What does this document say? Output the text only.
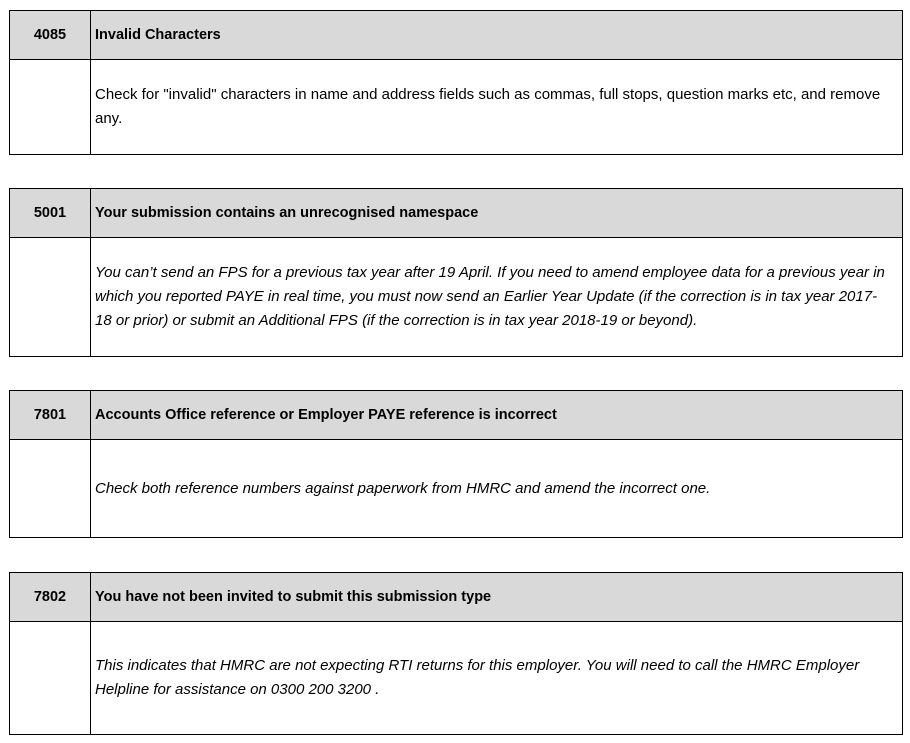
4085	Invalid Characters
	Check for "invalid" characters in name and address fields such as commas, full stops, question marks etc, and remove any.
5001	Your submission contains an unrecognised namespace
	You can’t send an FPS for a previous tax year after 19 April. If you need to amend employee data for a previous year in which you reported PAYE in real time, you must now send an Earlier Year Update (if the correction is in tax year 2017-18 or prior) or submit an Additional FPS (if the correction is in tax year 2018-19 or beyond).
7801	Accounts Office reference or Employer PAYE reference is incorrect
	Check both reference numbers against paperwork from HMRC and amend the incorrect one.
7802	You have not been invited to submit this submission type
	This indicates that HMRC are not expecting RTI returns for this employer. You will need to call the HMRC Employer Helpline for assistance on 0300 200 3200 .
